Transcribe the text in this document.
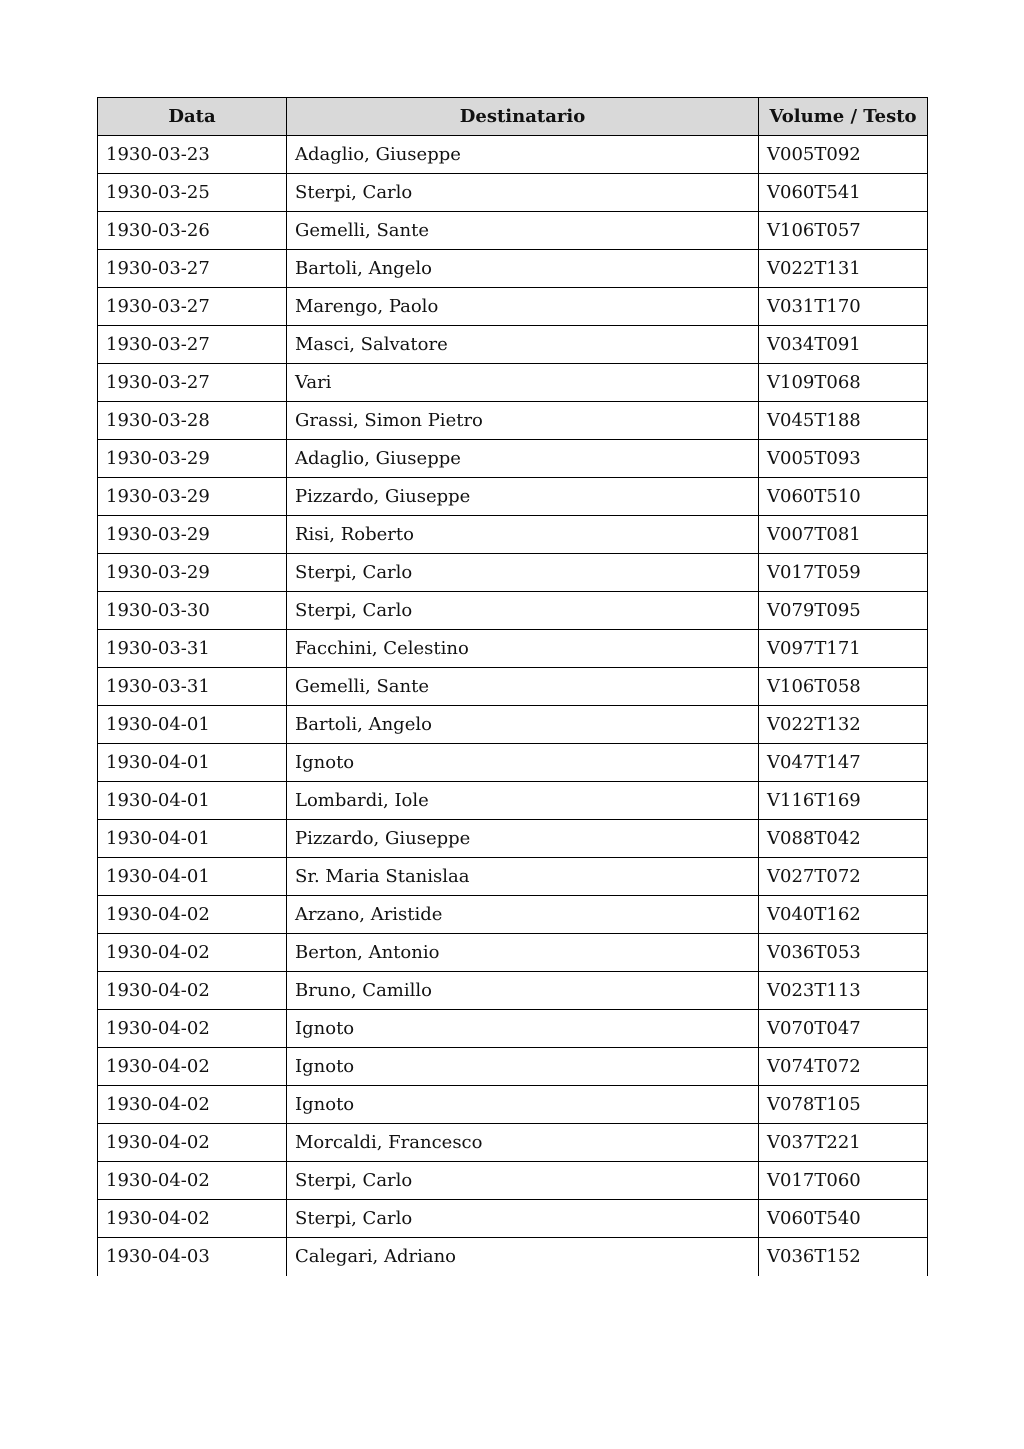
Data	Destinatario	Volume / Testo
1930-03-23	Adaglio, Giuseppe	V005T092
1930-03-25	Sterpi, Carlo	V060T541
1930-03-26	Gemelli, Sante	V106T057
1930-03-27	Bartoli, Angelo	V022T131
1930-03-27	Marengo, Paolo	V031T170
1930-03-27	Masci, Salvatore	V034T091
1930-03-27	Vari	V109T068
1930-03-28	Grassi, Simon Pietro	V045T188
1930-03-29	Adaglio, Giuseppe	V005T093
1930-03-29	Pizzardo, Giuseppe	V060T510
1930-03-29	Risi, Roberto	V007T081
1930-03-29	Sterpi, Carlo	V017T059
1930-03-30	Sterpi, Carlo	V079T095
1930-03-31	Facchini, Celestino	V097T171
1930-03-31	Gemelli, Sante	V106T058
1930-04-01	Bartoli, Angelo	V022T132
1930-04-01	Ignoto	V047T147
1930-04-01	Lombardi, Iole	V116T169
1930-04-01	Pizzardo, Giuseppe	V088T042
1930-04-01	Sr. Maria Stanislaa	V027T072
1930-04-02	Arzano, Aristide	V040T162
1930-04-02	Berton, Antonio	V036T053
1930-04-02	Bruno, Camillo	V023T113
1930-04-02	Ignoto	V070T047
1930-04-02	Ignoto	V074T072
1930-04-02	Ignoto	V078T105
1930-04-02	Morcaldi, Francesco	V037T221
1930-04-02	Sterpi, Carlo	V017T060
1930-04-02	Sterpi, Carlo	V060T540
1930-04-03	Calegari, Adriano	V036T152
